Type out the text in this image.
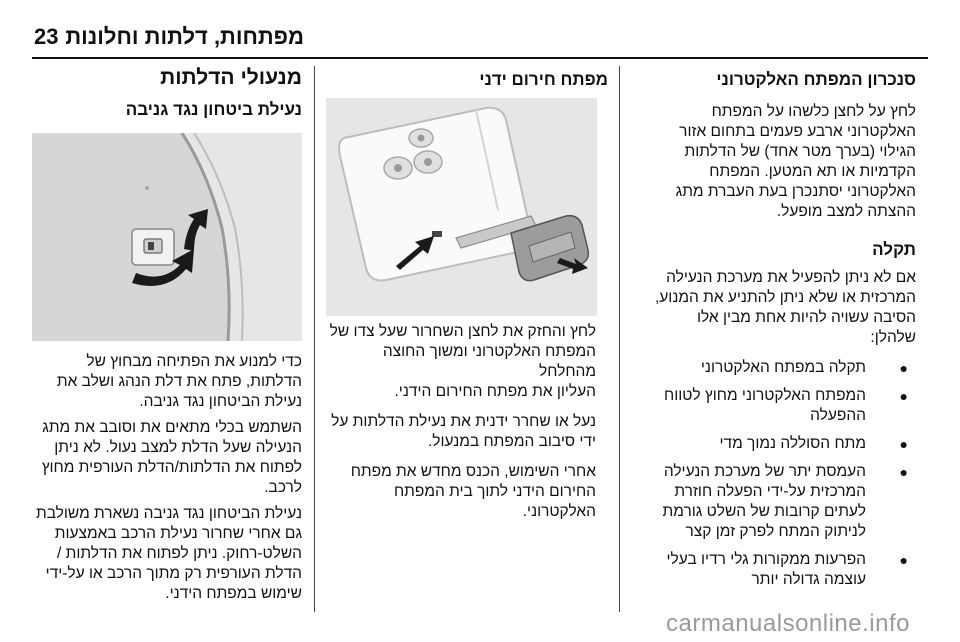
23 מפתחות, דלתות וחלונות
סנכרון המפתח האלקטרוני

לחץ על לחצן כלשהו על המפתח
האלקטרוני ארבע פעמים בתחום אזור
הגילוי (בערך מטר אחד) של הדלתות
הקדמיות או תא המטען. המפתח
האלקטרוני יסתנכרן בעת העברת מתג
ההצתה למצב מופעל.

תקלה

אם לא ניתן להפעיל את מערכת הנעילה
המרכזית או שלא ניתן להתניע את המנוע,
הסיבה עשויה להיות אחת מבין אלו
שלהלן:

●
תקלה במפתח האלקטרוני
●
המפתח האלקטרוני מחוץ לטווח
ההפעלה
●
מתח הסוללה נמוך מדי
●
העמסת יתר של מערכת הנעילה
המרכזית על-ידי הפעלה חוזרת
לעתים קרובות של השלט גורמת
לניתוק המתח לפרק זמן קצר
●
הפרעות ממקורות גלי רדיו בעלי
עוצמה גדולה יותר
מפתח חירום ידני

לחץ והחזק את לחצן השחרור שעל צדו של
המפתח האלקטרוני ומשוך החוצה מהחלחל
העליון את מפתח החירום הידני.

נעל או שחרר ידנית את נעילת הדלתות על
ידי סיבוב המפתח במנעול.

אחרי השימוש, הכנס מחדש את מפתח
החירום הידני לתוך בית המפתח
האלקטרוני.

מנעולי הדלתות
נעילת ביטחון נגד גניבה

כדי למנוע את הפתיחה מבחוץ של
הדלתות, פתח את דלת הנהג ושלב את
נעילת הביטחון נגד גניבה.

השתמש בכלי מתאים את וסובב את מתג
הנעילה שעל הדלת למצב נעול. לא ניתן
לפתוח את הדלתות/הדלת העורפית מחוץ
לרכב.

נעילת הביטחון נגד גניבה נשארת משולבת
גם אחרי שחרור נעילת הרכב באמצעות
השלט-רחוק. ניתן לפתוח את הדלתות /
הדלת העורפית רק מתוך הרכב או על-ידי
שימוש במפתח הידני.

carmanualsonline.info
